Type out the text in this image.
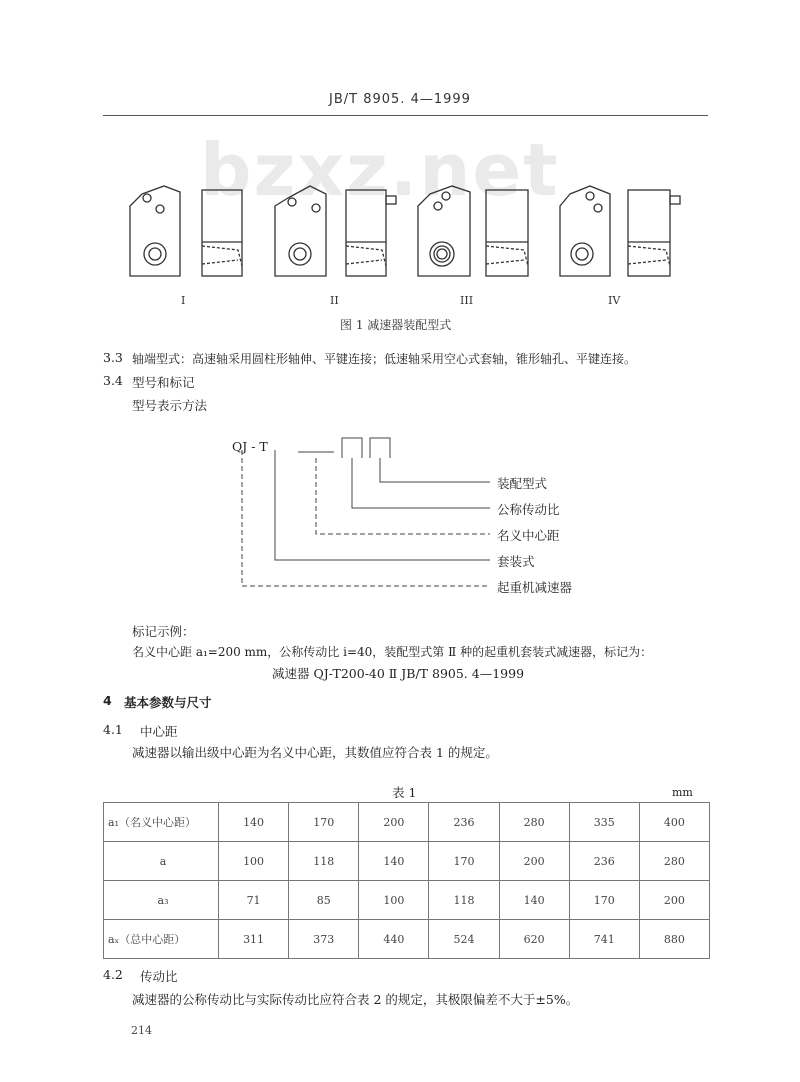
JB/T 8905. 4—1999
bzxz.net
I	II	III	IV
图 1 减速器装配型式
3.3 轴端型式：高速轴采用圆柱形轴伸、平键连接；低速轴采用空心式套轴，锥形轴孔、平键连接。
3.4 型号和标记
型号表示方法
QJ - T
装配型式
公称传动比
名义中心距
套装式
起重机减速器
标记示例：
名义中心距 a₁=200 mm，公称传动比 i=40，装配型式第 Ⅱ 种的起重机套装式减速器，标记为：
减速器 QJ-T200-40 Ⅱ JB/T 8905. 4—1999
4 基本参数与尺寸
4.1 中心距
减速器以输出级中心距为名义中心距，其数值应符合表 1 的规定。
表 1	mm
a₁（名义中心距）	140	170	200	236	280	335	400
a	100	118	140	170	200	236	280
a₃	71	85	100	118	140	170	200
aₓ（总中心距）	311	373	440	524	620	741	880
4.2 传动比
减速器的公称传动比与实际传动比应符合表 2 的规定，其极限偏差不大于±5%。
214
